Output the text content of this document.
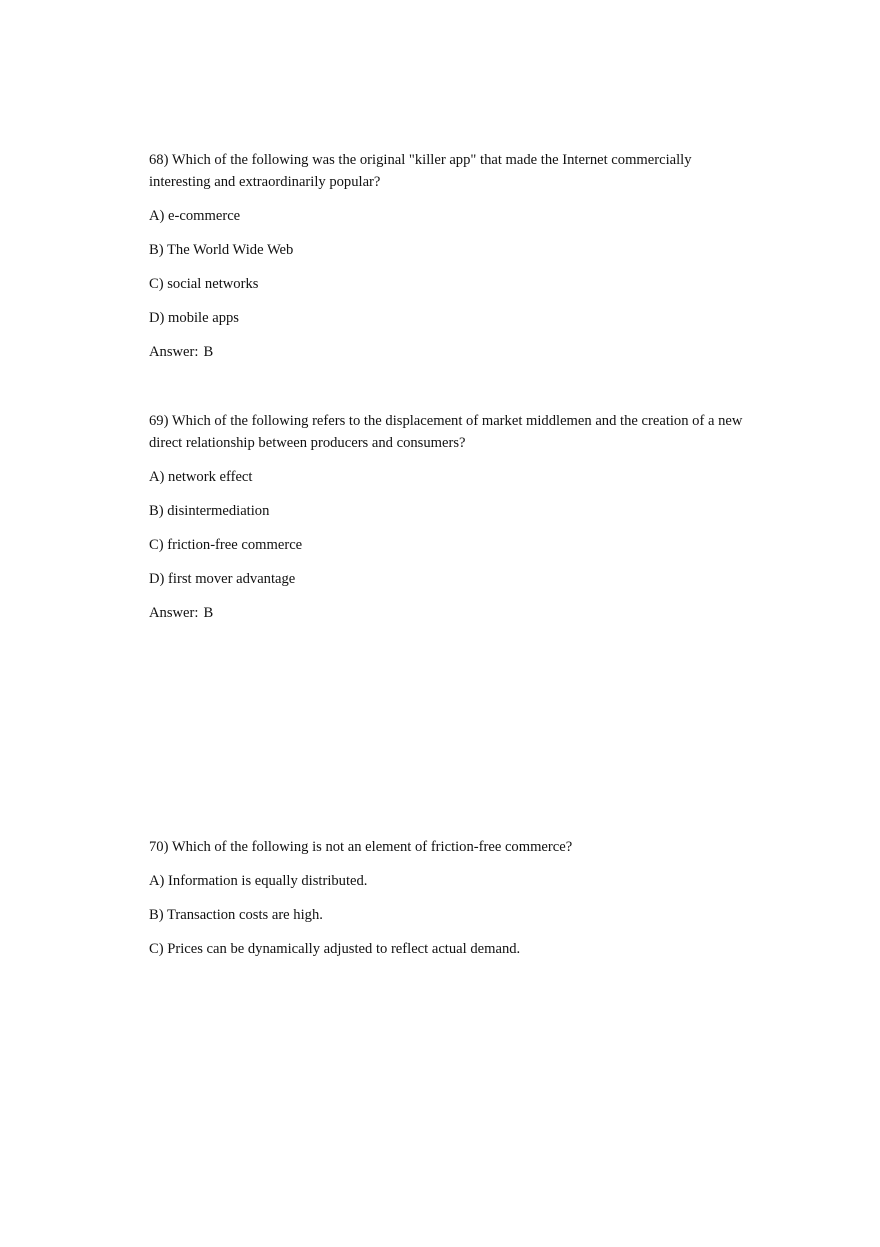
68) Which of the following was the original "killer app" that made the Internet commercially interesting and extraordinarily popular?

A) e-commerce

B) The World Wide Web

C) social networks

D) mobile apps

Answer: B

69) Which of the following refers to the displacement of market middlemen and the creation of a new direct relationship between producers and consumers?

A) network effect

B) disintermediation

C) friction-free commerce

D) first mover advantage

Answer: B

70) Which of the following is not an element of friction-free commerce?

A) Information is equally distributed.

B) Transaction costs are high.

C) Prices can be dynamically adjusted to reflect actual demand.
